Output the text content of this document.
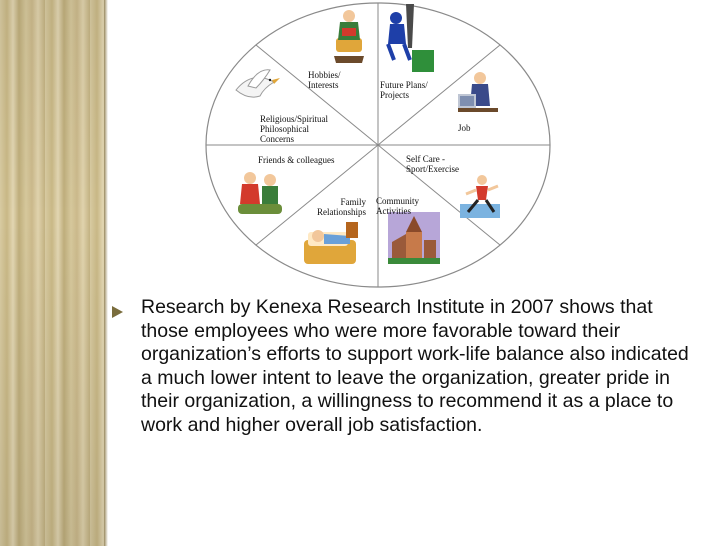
Hobbies/
Interests	Future Plans/
Projects
Job
Self Care -
Sport/Exercise
Community
Activities
Family
Relationships
Friends & colleagues
Religious/Spiritual
Philosophical
Concerns
Research by Kenexa Research Institute in 2007 shows that those employees who were more favorable toward their organization’s efforts to support work-life balance also indicated a much lower intent to leave the organization, greater pride in their organization, a willingness to recommend it as a place to work and higher overall job satisfaction.
